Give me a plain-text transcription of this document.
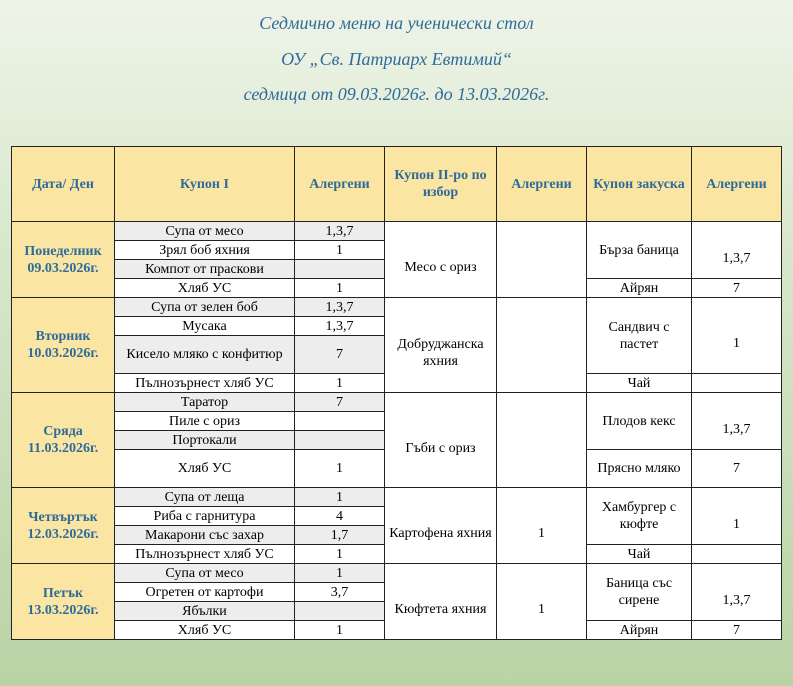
Седмично меню на ученически стол
ОУ „Св. Патриарх Евтимий“
седмица от 09.03.2026г. до 13.03.2026г.
Дата/ Ден	Купон I	Алергени	Купон II-ро по избор	Алергени	Купон закуска	Алергени

Понеделник
09.03.2026г.	Супа от месо	1,3,7	Месо с ориз		Бърза баница	1,3,7
	Зрял боб яхния	1				
	Компот от праскови					
	Хляб УС	1			Айрян	7

Вторник
10.03.2026г.	Супа от зелен боб	1,3,7	Добруджанска яхния		Сандвич с пастет	1
	Мусака	1,3,7				
	Кисело мляко с конфитюр	7				
	Пълнозърнест хляб УС	1			Чай	

Сряда
11.03.2026г.	Таратор	7	Гъби с ориз		Плодов кекс	1,3,7
	Пиле с ориз					
	Портокали					
	Хляб УС	1			Прясно мляко	7

Четвъртък
12.03.2026г.	Супа от леща	1	Картофена яхния	1	Хамбургер с кюфте	1
	Риба с гарнитура	4				
	Макарони със захар	1,7				
	Пълнозърнест хляб УС	1			Чай	

Петък
13.03.2026г.	Супа от месо	1	Кюфтета яхния	1	Баница със сирене	1,3,7
	Огретен от картофи	3,7				
	Ябълки					
	Хляб УС	1			Айрян	7
